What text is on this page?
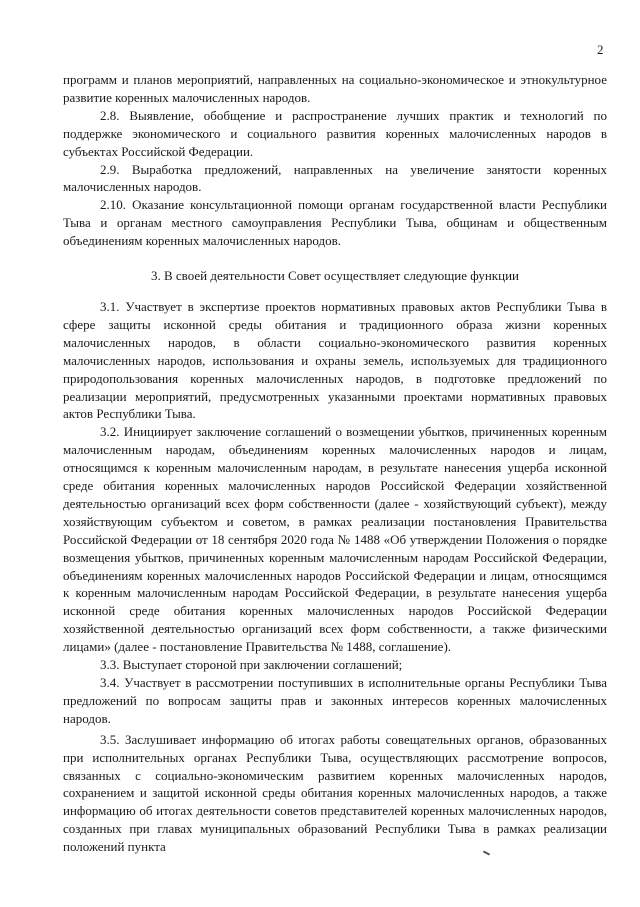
2

программ и планов мероприятий, направленных на социально-экономическое и этнокультурное развитие коренных малочисленных народов.

2.8. Выявление, обобщение и распространение лучших практик и технологий по поддержке экономического и социального развития коренных малочисленных народов в субъектах Российской Федерации.

2.9. Выработка предложений, направленных на увеличение занятости коренных малочисленных народов.

2.10. Оказание консультационной помощи органам государственной власти Республики Тыва и органам местного самоуправления Республики Тыва, общинам и общественным объединениям коренных малочисленных народов.

3. В своей деятельности Совет осуществляет следующие функции

3.1. Участвует в экспертизе проектов нормативных правовых актов Республики Тыва в сфере защиты исконной среды обитания и традиционного образа жизни коренных малочисленных народов, в области социально-экономического развития коренных малочисленных народов, использования и охраны земель, используемых для традиционного природопользования коренных малочисленных народов, в подготовке предложений по реализации мероприятий, предусмотренных указанными проектами нормативных правовых актов Республики Тыва.

3.2. Инициирует заключение соглашений о возмещении убытков, причиненных коренным малочисленным народам, объединениям коренных малочисленных народов и лицам, относящимся к коренным малочисленным народам, в результате нанесения ущерба исконной среде обитания коренных малочисленных народов Российской Федерации хозяйственной деятельностью организаций всех форм собственности (далее - хозяйствующий субъект), между хозяйствующим субъектом и советом, в рамках реализации постановления Правительства Российской Федерации от 18 сентября 2020 года № 1488 «Об утверждении Положения о порядке возмещения убытков, причиненных коренным малочисленным народам Российской Федерации, объединениям коренных малочисленных народов Российской Федерации и лицам, относящимся к коренным малочисленным народам Российской Федерации, в результате нанесения ущерба исконной среде обитания коренных малочисленных народов Российской Федерации хозяйственной деятельностью организаций всех форм собственности, а также физическими лицами» (далее - постановление Правительства № 1488, соглашение).

3.3. Выступает стороной при заключении соглашений;

3.4. Участвует в рассмотрении поступивших в исполнительные органы Республики Тыва предложений по вопросам защиты прав и законных интересов коренных малочисленных народов.

3.5. Заслушивает информацию об итогах работы совещательных органов, образованных при исполнительных органах Республики Тыва, осуществляющих рассмотрение вопросов, связанных с социально-экономическим развитием коренных малочисленных народов, сохранением и защитой исконной среды обитания коренных малочисленных народов, а также информацию об итогах деятельности советов представителей коренных малочисленных народов, созданных при главах муниципальных образований Республики Тыва в рамках реализации положений пункта
